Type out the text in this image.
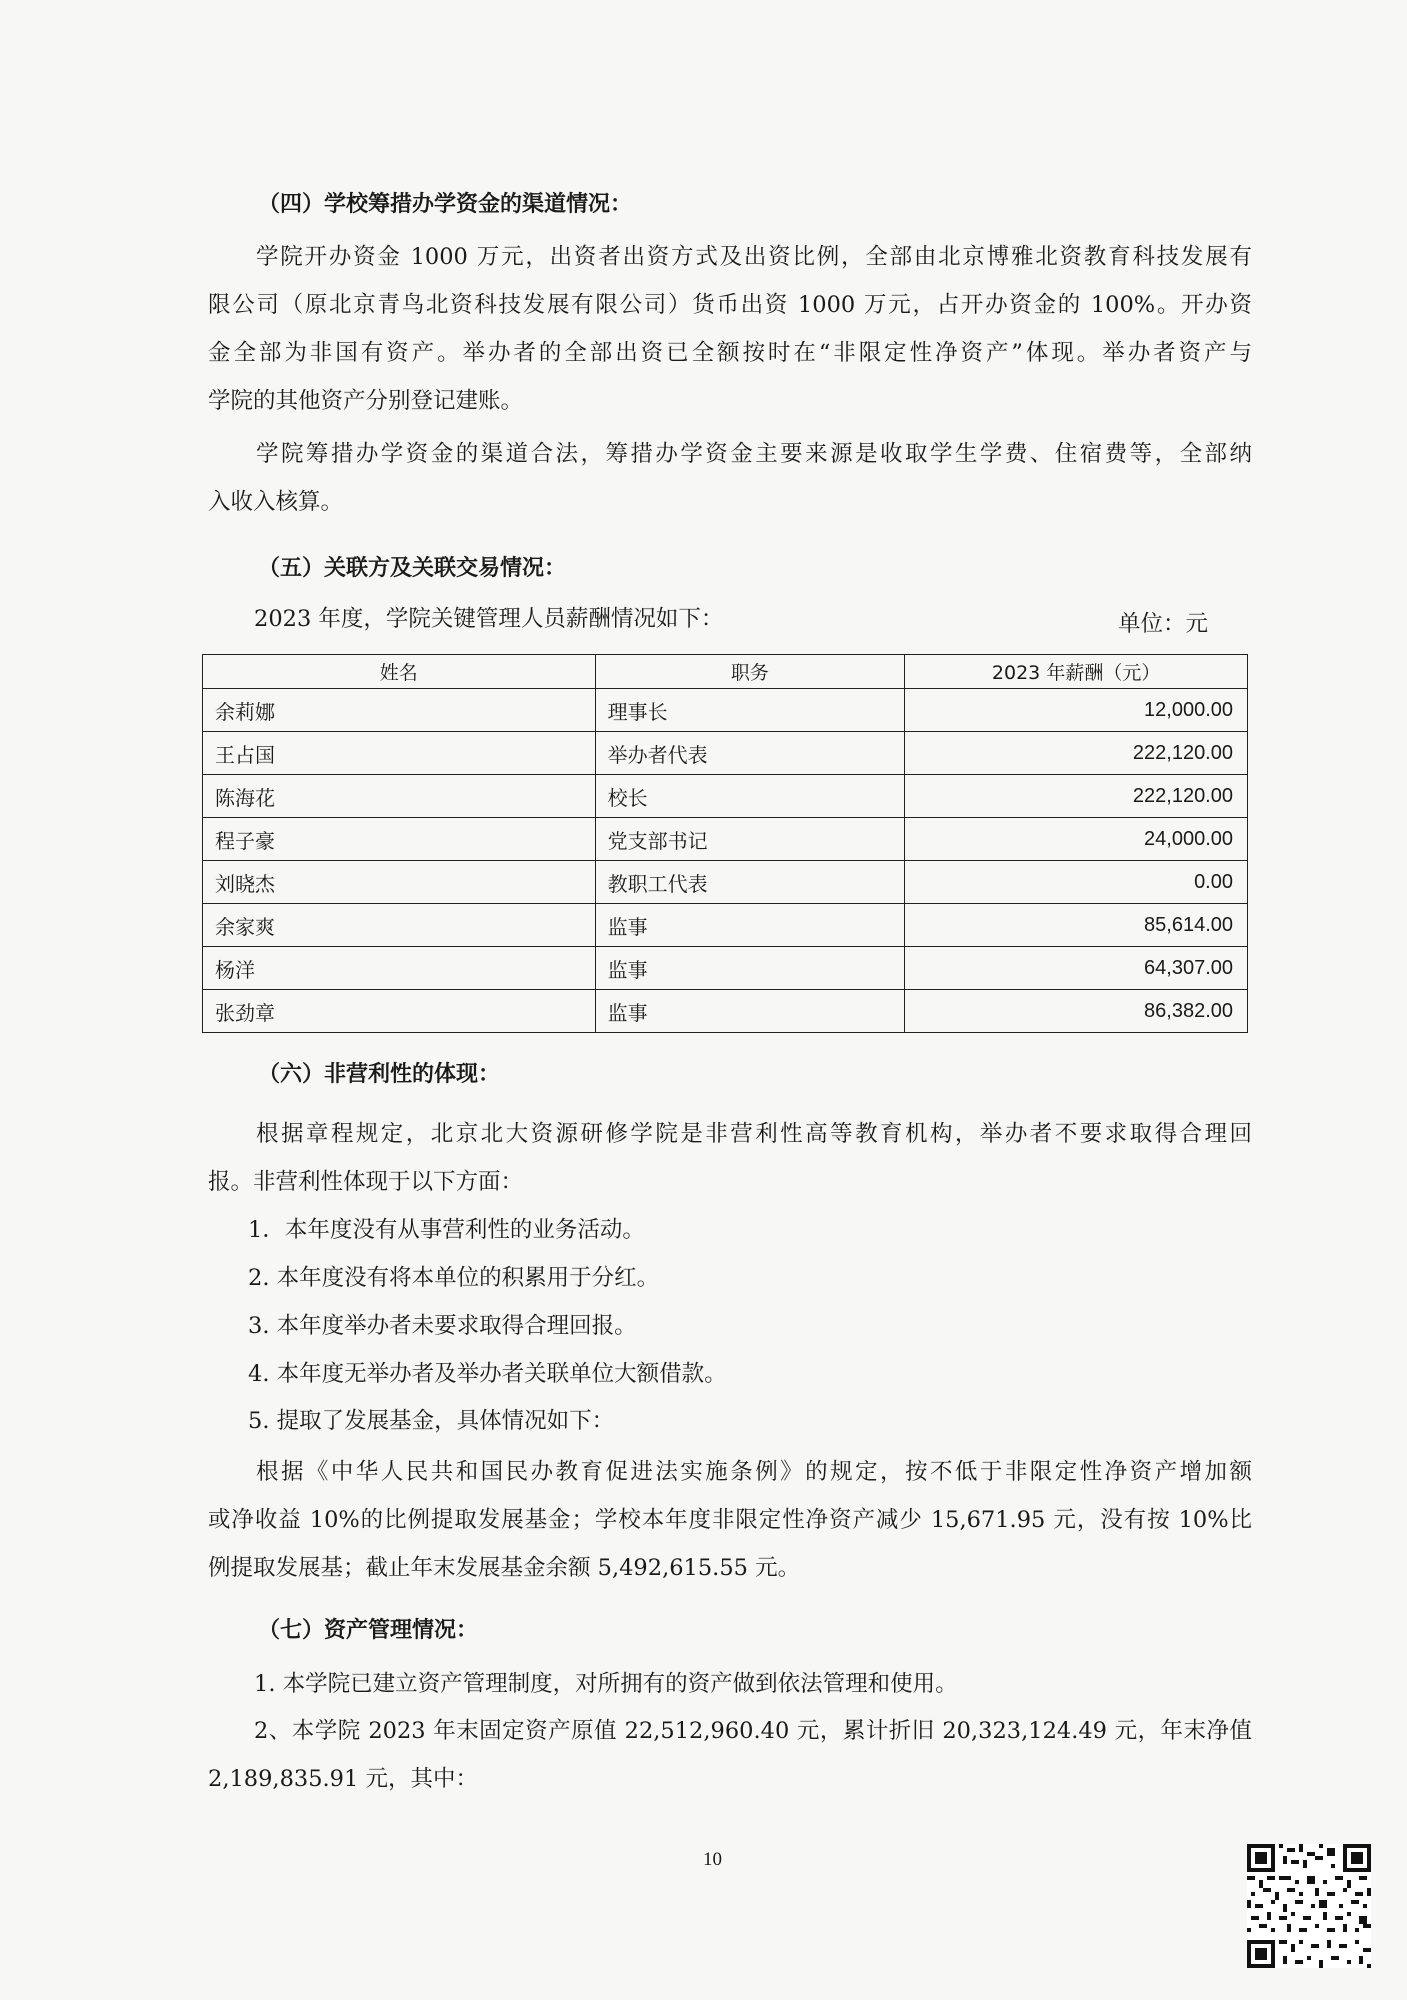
（四）学校筹措办学资金的渠道情况：
学院开办资金 1000 万元，出资者出资方式及出资比例，全部由北京博雅北资教育科技发展有
限公司（原北京青鸟北资科技发展有限公司）货币出资 1000 万元，占开办资金的 100%。开办资
金全部为非国有资产。举办者的全部出资已全额按时在“非限定性净资产”体现。举办者资产与
学院的其他资产分别登记建账。
学院筹措办学资金的渠道合法，筹措办学资金主要来源是收取学生学费、住宿费等，全部纳
入收入核算。
（五）关联方及关联交易情况：
2023 年度，学院关键管理人员薪酬情况如下：	单位：元
姓名	职务	2023 年薪酬（元）
余莉娜	理事长	12,000.00
王占国	举办者代表	222,120.00
陈海花	校长	222,120.00
程子豪	党支部书记	24,000.00
刘晓杰	教职工代表	0.00
余家爽	监事	85,614.00
杨洋	监事	64,307.00
张劲章	监事	86,382.00
（六）非营利性的体现：
根据章程规定，北京北大资源研修学院是非营利性高等教育机构，举办者不要求取得合理回
报。非营利性体现于以下方面：
1．本年度没有从事营利性的业务活动。
2. 本年度没有将本单位的积累用于分红。
3. 本年度举办者未要求取得合理回报。
4. 本年度无举办者及举办者关联单位大额借款。
5. 提取了发展基金，具体情况如下：
根据《中华人民共和国民办教育促进法实施条例》的规定，按不低于非限定性净资产增加额
或净收益 10%的比例提取发展基金；学校本年度非限定性净资产减少 15,671.95 元，没有按 10%比
例提取发展基；截止年末发展基金余额 5,492,615.55 元。
（七）资产管理情况：
1. 本学院已建立资产管理制度，对所拥有的资产做到依法管理和使用。
2、本学院 2023 年末固定资产原值 22,512,960.40 元，累计折旧 20,323,124.49 元，年末净值
2,189,835.91 元，其中：
10
